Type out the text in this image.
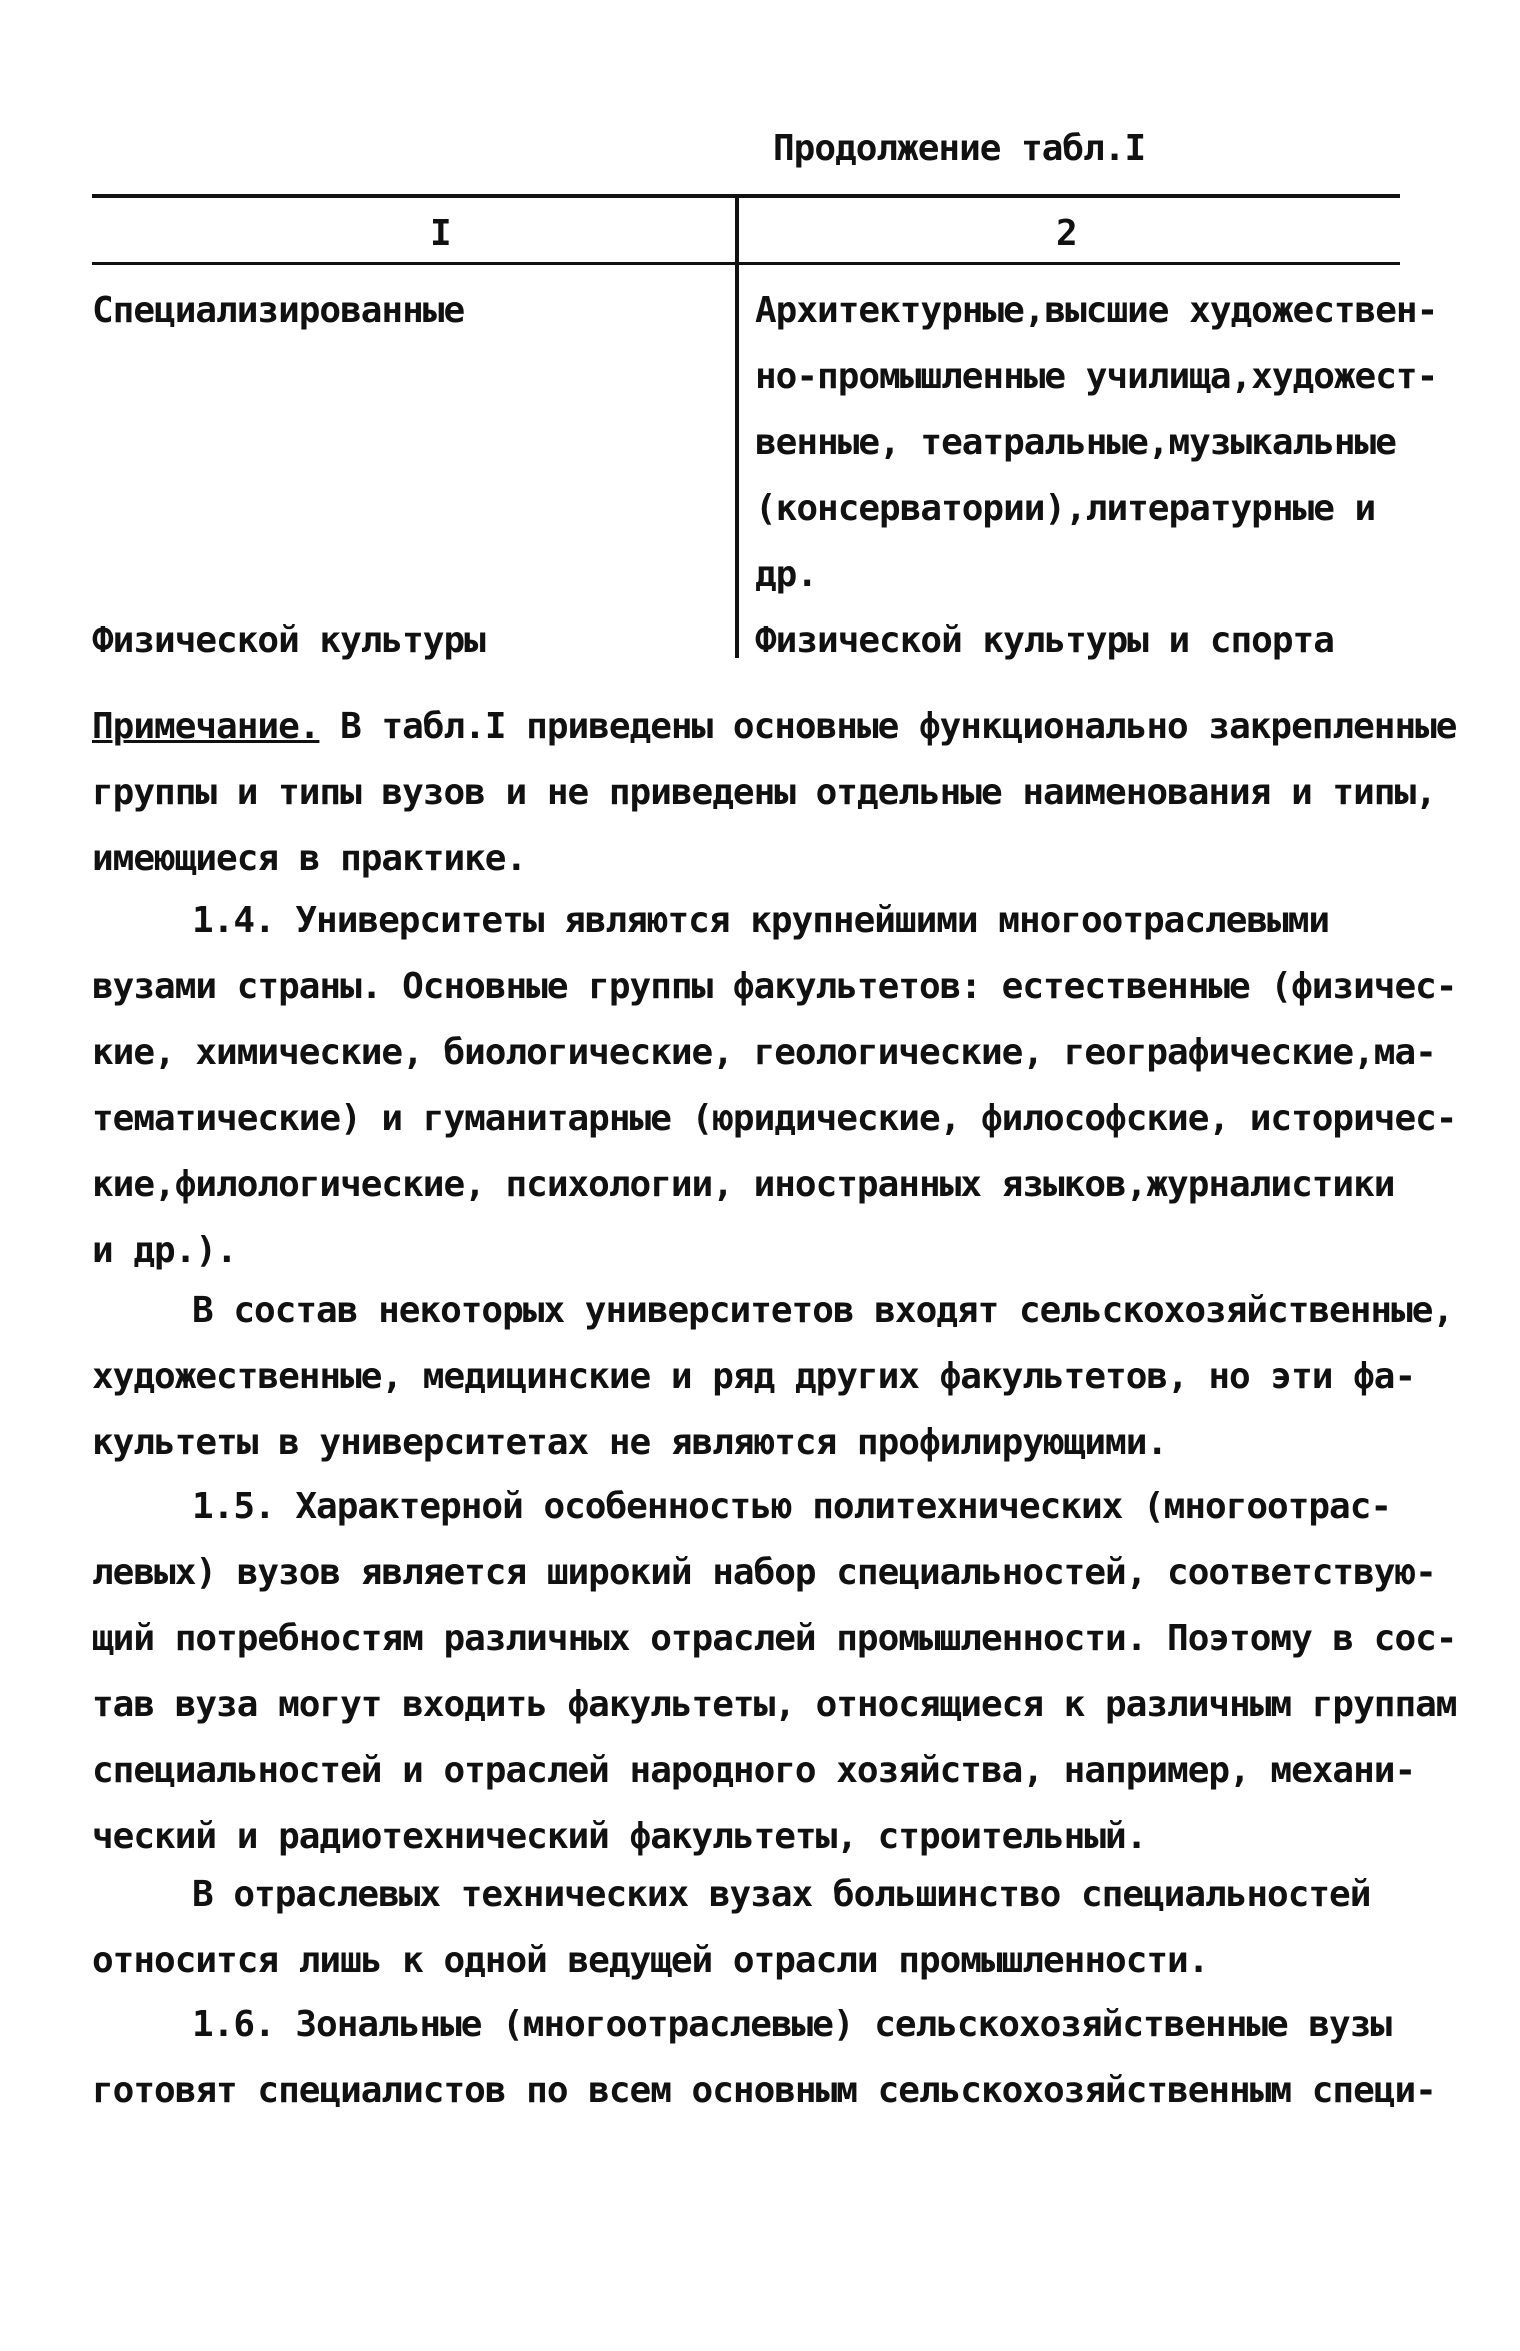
Продолжение табл.I
I	2
Специализированные	Архитектурные,высшие художествен-
но-промышленные училища,художест-
венные, театральные,музыкальные
(консерватории),литературные и
др.
Физической культуры	Физической культуры и спорта
Примечание. В табл.I приведены основные функционально закрепленные
группы и типы вузов и не приведены отдельные наименования и типы,
имеющиеся в практике.
1.4. Университеты являются крупнейшими многоотраслевыми
вузами страны. Основные группы факультетов: естественные (физичес-
кие, химические, биологические, геологические, географические,ма-
тематические) и гуманитарные (юридические, философские, историчес-
кие,филологические, психологии, иностранных языков,журналистики
и др.).
В состав некоторых университетов входят сельскохозяйственные,
художественные, медицинские и ряд других факультетов, но эти фа-
культеты в университетах не являются профилирующими.
1.5. Характерной особенностью политехнических (многоотрас-
левых) вузов является широкий набор специальностей, соответствую-
щий потребностям различных отраслей промышленности. Поэтому в сос-
тав вуза могут входить факультеты, относящиеся к различным группам
специальностей и отраслей народного хозяйства, например, механи-
ческий и радиотехнический факультеты, строительный.
В отраслевых технических вузах большинство специальностей
относится лишь к одной ведущей отрасли промышленности.
1.6. Зональные (многоотраслевые) сельскохозяйственные вузы
готовят специалистов по всем основным сельскохозяйственным специ-
